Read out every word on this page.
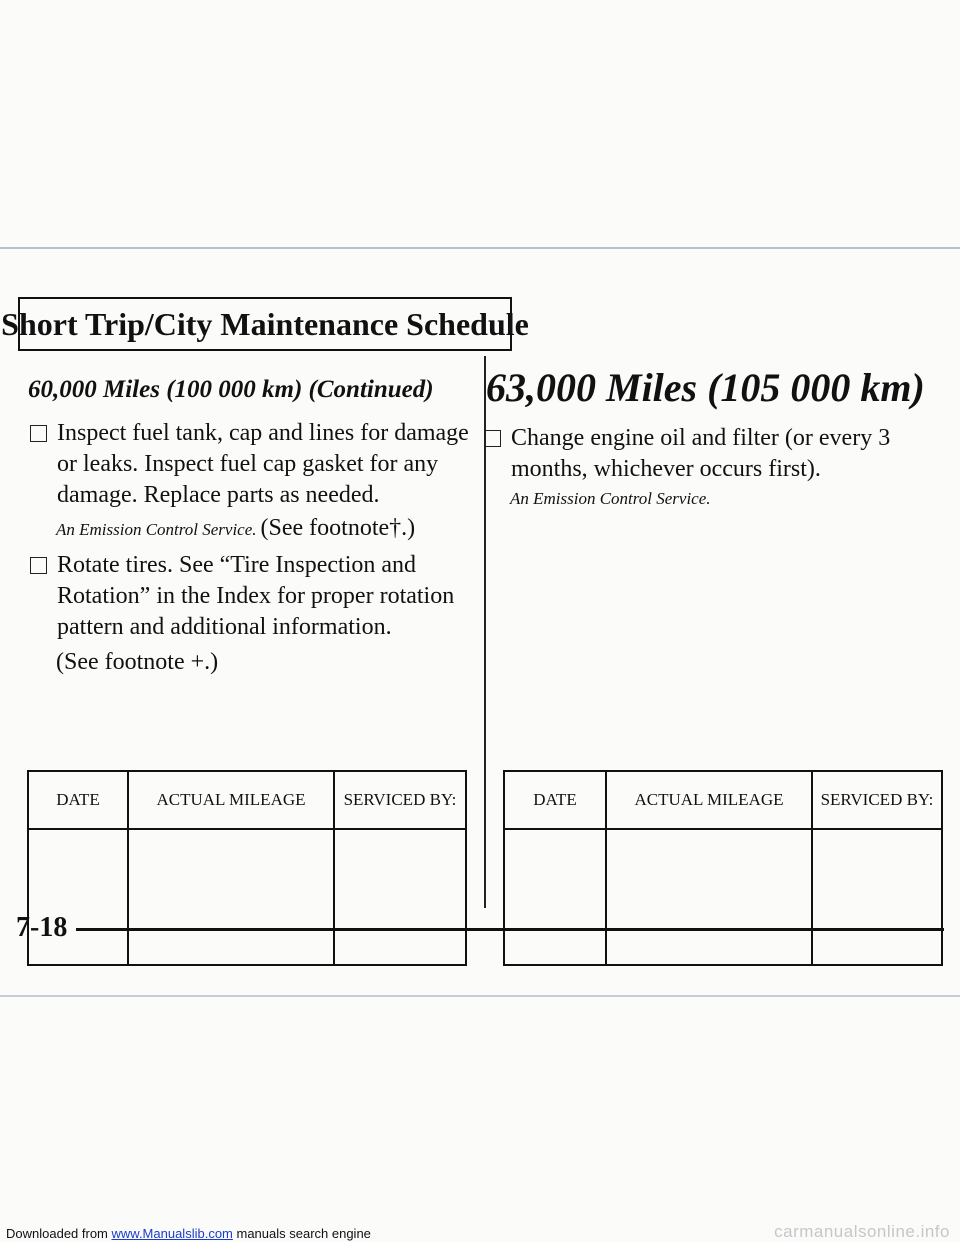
Short Trip/City Maintenance Schedule
60,000 Miles (100 000 km) (Continued)
Inspect fuel tank, cap and lines for damage or leaks. Inspect fuel cap gasket for any damage. Replace parts as needed.
An Emission Control Service. (See footnote†.)
Rotate tires. See “Tire Inspection and Rotation” in the Index for proper rotation pattern and additional information.
(See footnote +.)
63,000 Miles (105 000 km)
Change engine oil and filter (or every 3 months, whichever occurs first).
An Emission Control Service.
DATE	ACTUAL MILEAGE	SERVICED BY:
			DATE	ACTUAL MILEAGE	SERVICED BY:

7-18
Downloaded from www.Manualslib.com manuals search engine	carmanualsonline.info
